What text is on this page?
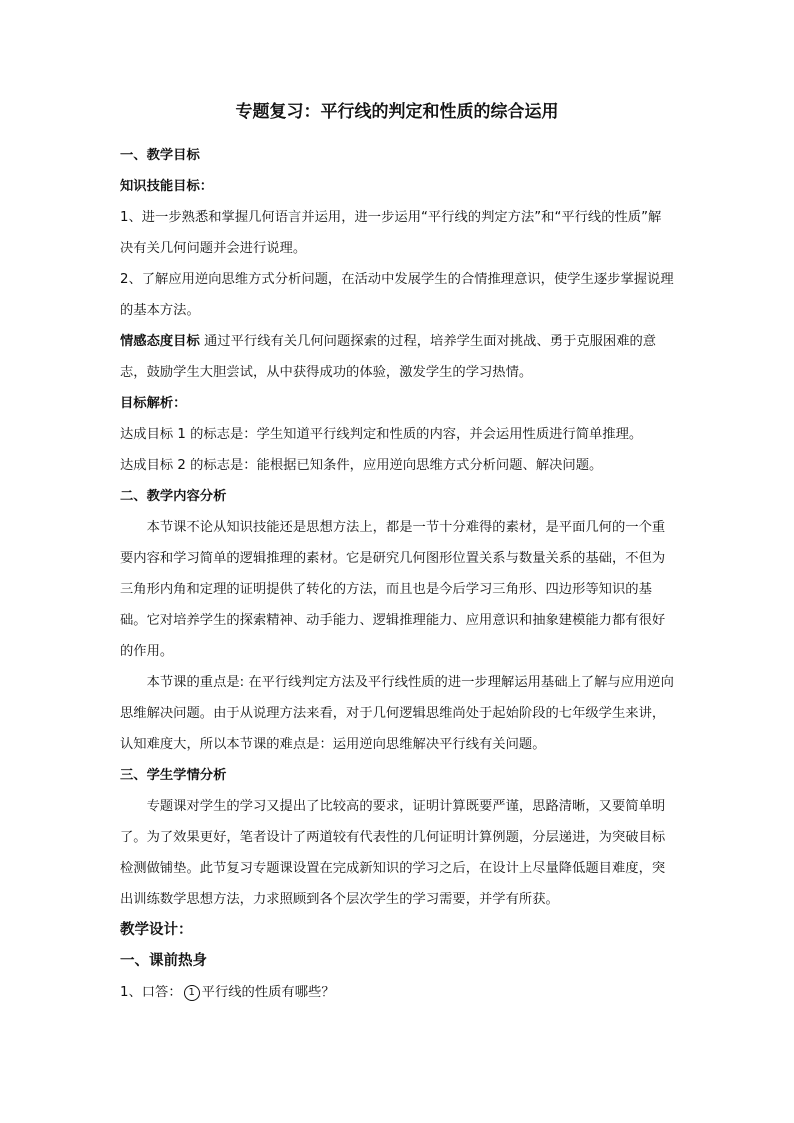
专题复习：平行线的判定和性质的综合运用

一、教学目标

知识技能目标：

1、进一步熟悉和掌握几何语言并运用，进一步运用“平行线的判定方法”和“平行线的性质”解决有关几何问题并会进行说理。

2、了解应用逆向思维方式分析问题，在活动中发展学生的合情推理意识，使学生逐步掌握说理的基本方法。

情感态度目标 通过平行线有关几何问题探索的过程，培养学生面对挑战、勇于克服困难的意志，鼓励学生大胆尝试，从中获得成功的体验，激发学生的学习热情。

目标解析：

达成目标 1 的标志是：学生知道平行线判定和性质的内容，并会运用性质进行简单推理。

达成目标 2 的标志是：能根据已知条件，应用逆向思维方式分析问题、解决问题。

二、教学内容分析

本节课不论从知识技能还是思想方法上，都是一节十分难得的素材，是平面几何的一个重要内容和学习简单的逻辑推理的素材。它是研究几何图形位置关系与数量关系的基础，不但为三角形内角和定理的证明提供了转化的方法，而且也是今后学习三角形、四边形等知识的基础。它对培养学生的探索精神、动手能力、逻辑推理能力、应用意识和抽象建模能力都有很好的作用。

本节课的重点是: 在平行线判定方法及平行线性质的进一步理解运用基础上了解与应用逆向思维解决问题。由于从说理方法来看，对于几何逻辑思维尚处于起始阶段的七年级学生来讲，认知难度大，所以本节课的难点是：运用逆向思维解决平行线有关问题。

三、学生学情分析

专题课对学生的学习又提出了比较高的要求，证明计算既要严谨，思路清晰，又要简单明了。为了效果更好，笔者设计了两道较有代表性的几何证明计算例题，分层递进，为突破目标检测做铺垫。此节复习专题课设置在完成新知识的学习之后，在设计上尽量降低题目难度，突出训练数学思想方法，力求照顾到各个层次学生的学习需要，并学有所获。

教学设计：

一、课前热身

1、口答： 1 平行线的性质有哪些？
